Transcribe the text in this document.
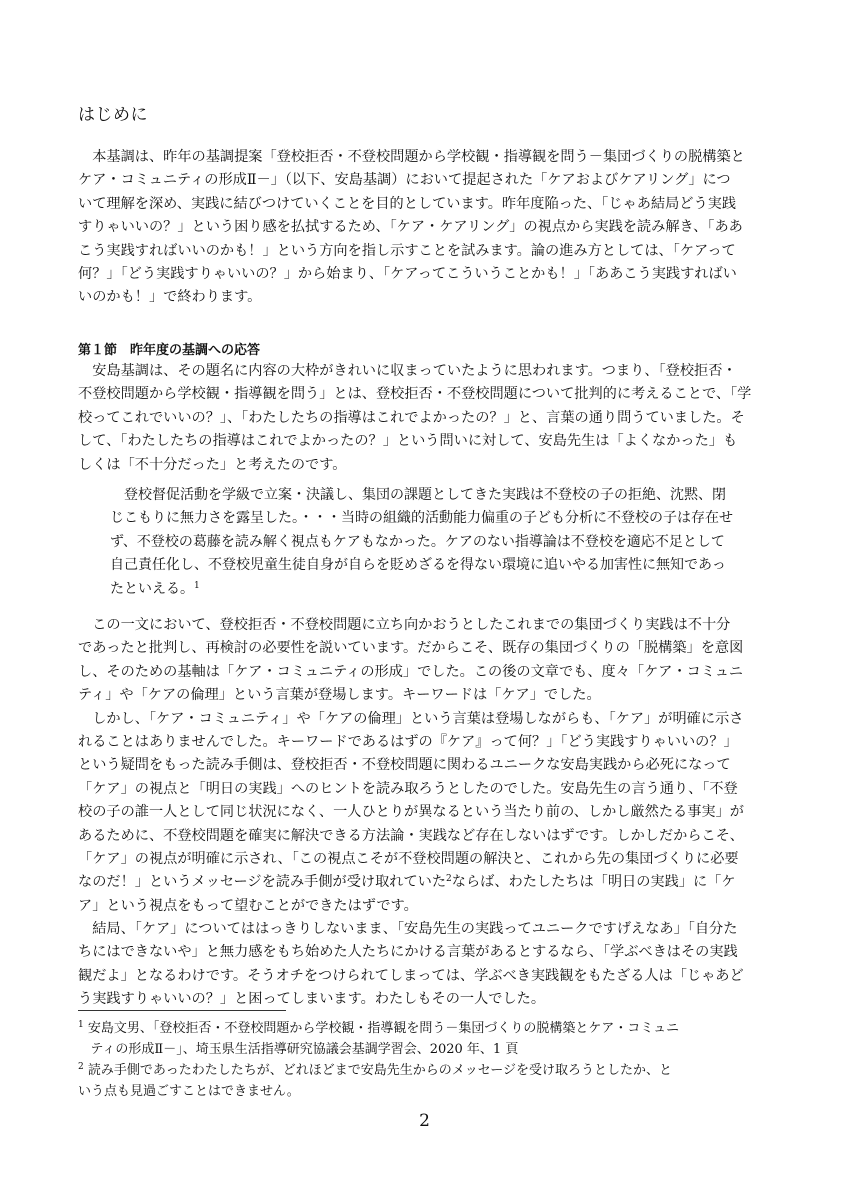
はじめに
　本基調は、昨年の基調提案「登校拒否・不登校問題から学校観・指導観を問う－集団づくりの脱構築と
ケア・コミュニティの形成Ⅱ－」（以下、安島基調）において提起された「ケアおよびケアリング」につ
いて理解を深め、実践に結びつけていくことを目的としています。昨年度陥った、「じゃあ結局どう実践
すりゃいいの？」という困り感を払拭するため、「ケア・ケアリング」の視点から実践を読み解き、「ああ
こう実践すればいいのかも！」という方向を指し示すことを試みます。論の進み方としては、「ケアって
何？」「どう実践すりゃいいの？」から始まり、「ケアってこういうことかも！」「ああこう実践すればい
いのかも！」で終わります。
第１節　昨年度の基調への応答
　安島基調は、その題名に内容の大枠がきれいに収まっていたように思われます。つまり、「登校拒否・
不登校問題から学校観・指導観を問う」とは、登校拒否・不登校問題について批判的に考えることで、「学
校ってこれでいいの？」、「わたしたちの指導はこれでよかったの？」と、言葉の通り問うていました。そ
して、「わたしたちの指導はこれでよかったの？」という問いに対して、安島先生は「よくなかった」も
しくは「不十分だった」と考えたのです。
　登校督促活動を学級で立案・決議し、集団の課題としてきた実践は不登校の子の拒絶、沈黙、閉
じこもりに無力さを露呈した。・・・当時の組織的活動能力偏重の子ども分析に不登校の子は存在せ
ず、不登校の葛藤を読み解く視点もケアもなかった。ケアのない指導論は不登校を適応不足として
自己責任化し、不登校児童生徒自身が自らを貶めざるを得ない環境に追いやる加害性に無知であっ
たといえる。$^1$
　この一文において、登校拒否・不登校問題に立ち向かおうとしたこれまでの集団づくり実践は不十分
であったと批判し、再検討の必要性を説いています。だからこそ、既存の集団づくりの「脱構築」を意図
し、そのための基軸は「ケア・コミュニティの形成」でした。この後の文章でも、度々「ケア・コミュニ
ティ」や「ケアの倫理」という言葉が登場します。キーワードは「ケア」でした。
　しかし、「ケア・コミュニティ」や「ケアの倫理」という言葉は登場しながらも、「ケア」が明確に示さ
れることはありませんでした。キーワードであるはずの『ケア』って何？」「どう実践すりゃいいの？」
という疑問をもった読み手側は、登校拒否・不登校問題に関わるユニークな安島実践から必死になって
「ケア」の視点と「明日の実践」へのヒントを読み取ろうとしたのでした。安島先生の言う通り、「不登
校の子の誰一人として同じ状況になく、一人ひとりが異なるという当たり前の、しかし厳然たる事実」が
あるために、不登校問題を確実に解決できる方法論・実践など存在しないはずです。しかしだからこそ、
「ケア」の視点が明確に示され、「この視点こそが不登校問題の解決と、これから先の集団づくりに必要
なのだ！」というメッセージを読み手側が受け取れていた$^2$ならば、わたしたちは「明日の実践」に「ケ
ア」という視点をもって望むことができたはずです。
　結局、「ケア」についてははっきりしないまま、「安島先生の実践ってユニークですげえなあ」「自分た
ちにはできないや」と無力感をもち始めた人たちにかける言葉があるとするなら、「学ぶべきはその実践
観だよ」となるわけです。そうオチをつけられてしまっては、学ぶべき実践観をもたざる人は「じゃあど
う実践すりゃいいの？」と困ってしまいます。わたしもその一人でした。
$^1$ 安島文男、「登校拒否・不登校問題から学校観・指導観を問う－集団づくりの脱構築とケア・コミュニ
ティの形成Ⅱ－」、埼玉県生活指導研究協議会基調学習会、2020 年、1 頁
$^2$ 読み手側であったわたしたちが、どれほどまで安島先生からのメッセージを受け取ろうとしたか、と
いう点も見過ごすことはできません。
2
